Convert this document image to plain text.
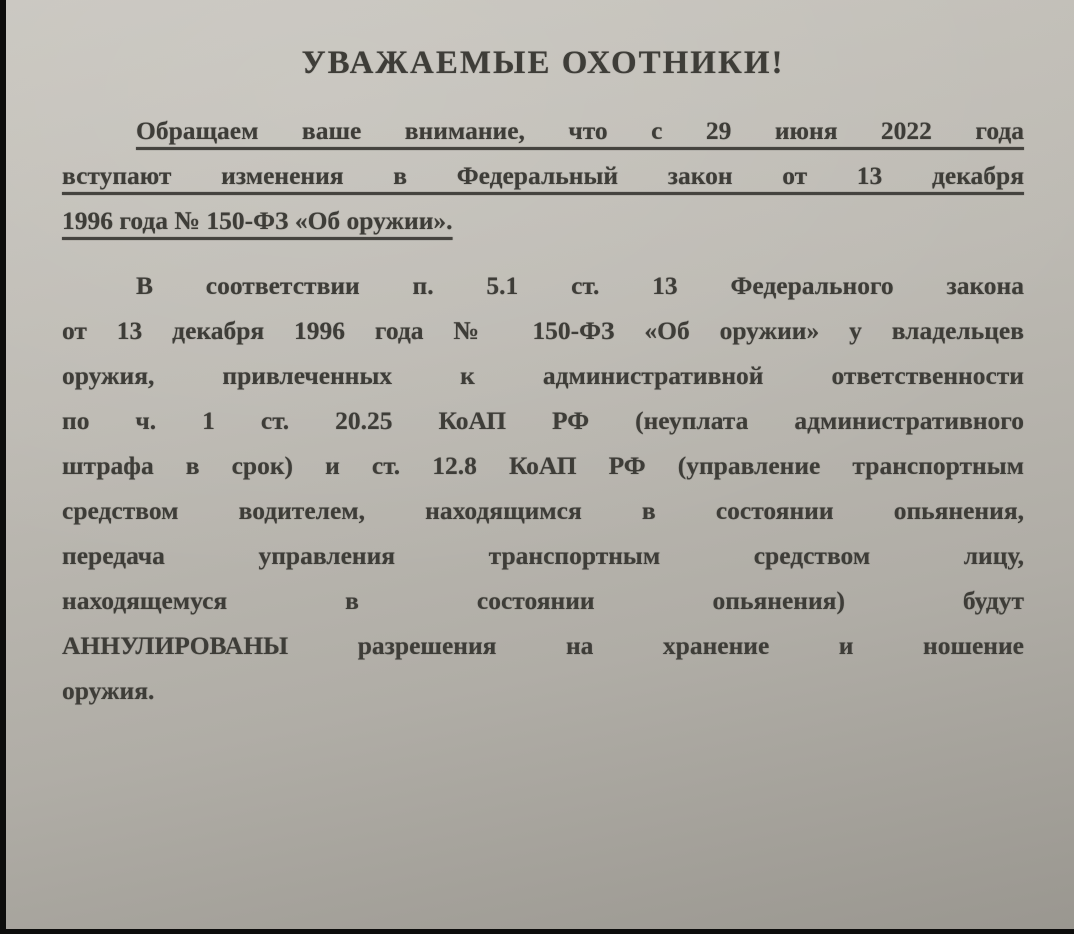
УВАЖАЕМЫЕ ОХОТНИКИ!
Обращаем ваше внимание, что с 29 июня 2022 года
вступают изменения в Федеральный закон от 13 декабря
1996 года № 150-ФЗ «Об оружии».
В соответствии п. 5.1 ст. 13 Федерального закона
от 13 декабря 1996 года № 150-ФЗ «Об оружии» у владельцев
оружия, привлеченных к административной ответственности
по ч. 1 ст. 20.25 КоАП РФ (неуплата административного
штрафа в срок) и ст. 12.8 КоАП РФ (управление транспортным
средством водителем, находящимся в состоянии опьянения,
передача управления транспортным средством лицу,
находящемуся в состоянии опьянения) будут
АННУЛИРОВАНЫ разрешения на хранение и ношение
оружия.
